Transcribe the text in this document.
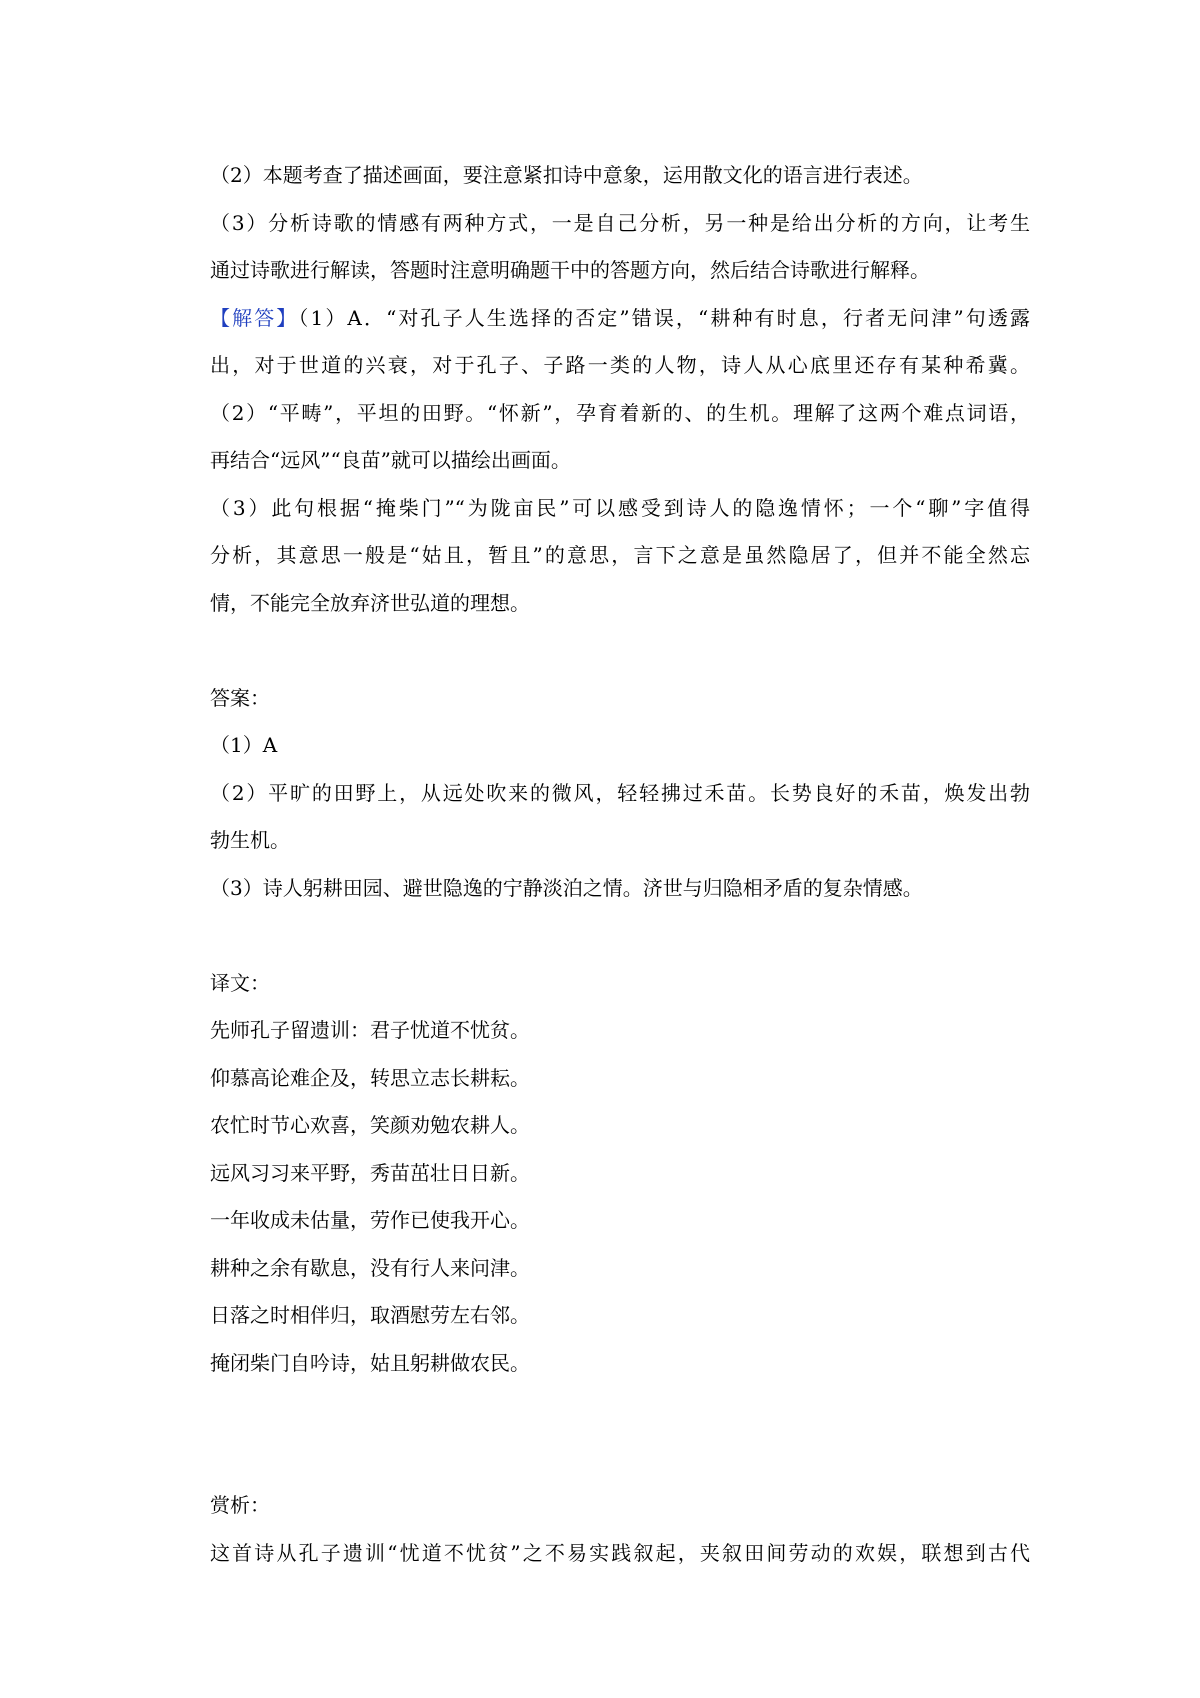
（2）本题考查了描述画面，要注意紧扣诗中意象，运用散文化的语言进行表述。

（3）分析诗歌的情感有两种方式，一是自己分析，另一种是给出分析的方向，让考生

通过诗歌进行解读，答题时注意明确题干中的答题方向，然后结合诗歌进行解释。

【解答】（1）A．“对孔子人生选择的否定”错误，“耕种有时息，行者无问津”句透露

出，对于世道的兴衰，对于孔子、子路一类的人物，诗人从心底里还存有某种希冀。

（2）“平畴”，平坦的田野。“怀新”，孕育着新的、的生机。理解了这两个难点词语，

再结合“远风”“良苗”就可以描绘出画面。

（3）此句根据“掩柴门”“为陇亩民”可以感受到诗人的隐逸情怀；一个“聊”字值得

分析，其意思一般是“姑且，暂且”的意思，言下之意是虽然隐居了，但并不能全然忘

情，不能完全放弃济世弘道的理想。

答案：

（1）A

（2）平旷的田野上，从远处吹来的微风，轻轻拂过禾苗。长势良好的禾苗，焕发出勃

勃生机。

（3）诗人躬耕田园、避世隐逸的宁静淡泊之情。济世与归隐相矛盾的复杂情感。

译文：

先师孔子留遗训：君子忧道不忧贫。

仰慕高论难企及，转思立志长耕耘。

农忙时节心欢喜，笑颜劝勉农耕人。

远风习习来平野，秀苗茁壮日日新。

一年收成未估量，劳作已使我开心。

耕种之余有歇息，没有行人来问津。

日落之时相伴归，取酒慰劳左右邻。

掩闭柴门自吟诗，姑且躬耕做农民。

赏析：

这首诗从孔子遗训“忧道不忧贫”之不易实践叙起，夹叙田间劳动的欢娱，联想到古代
